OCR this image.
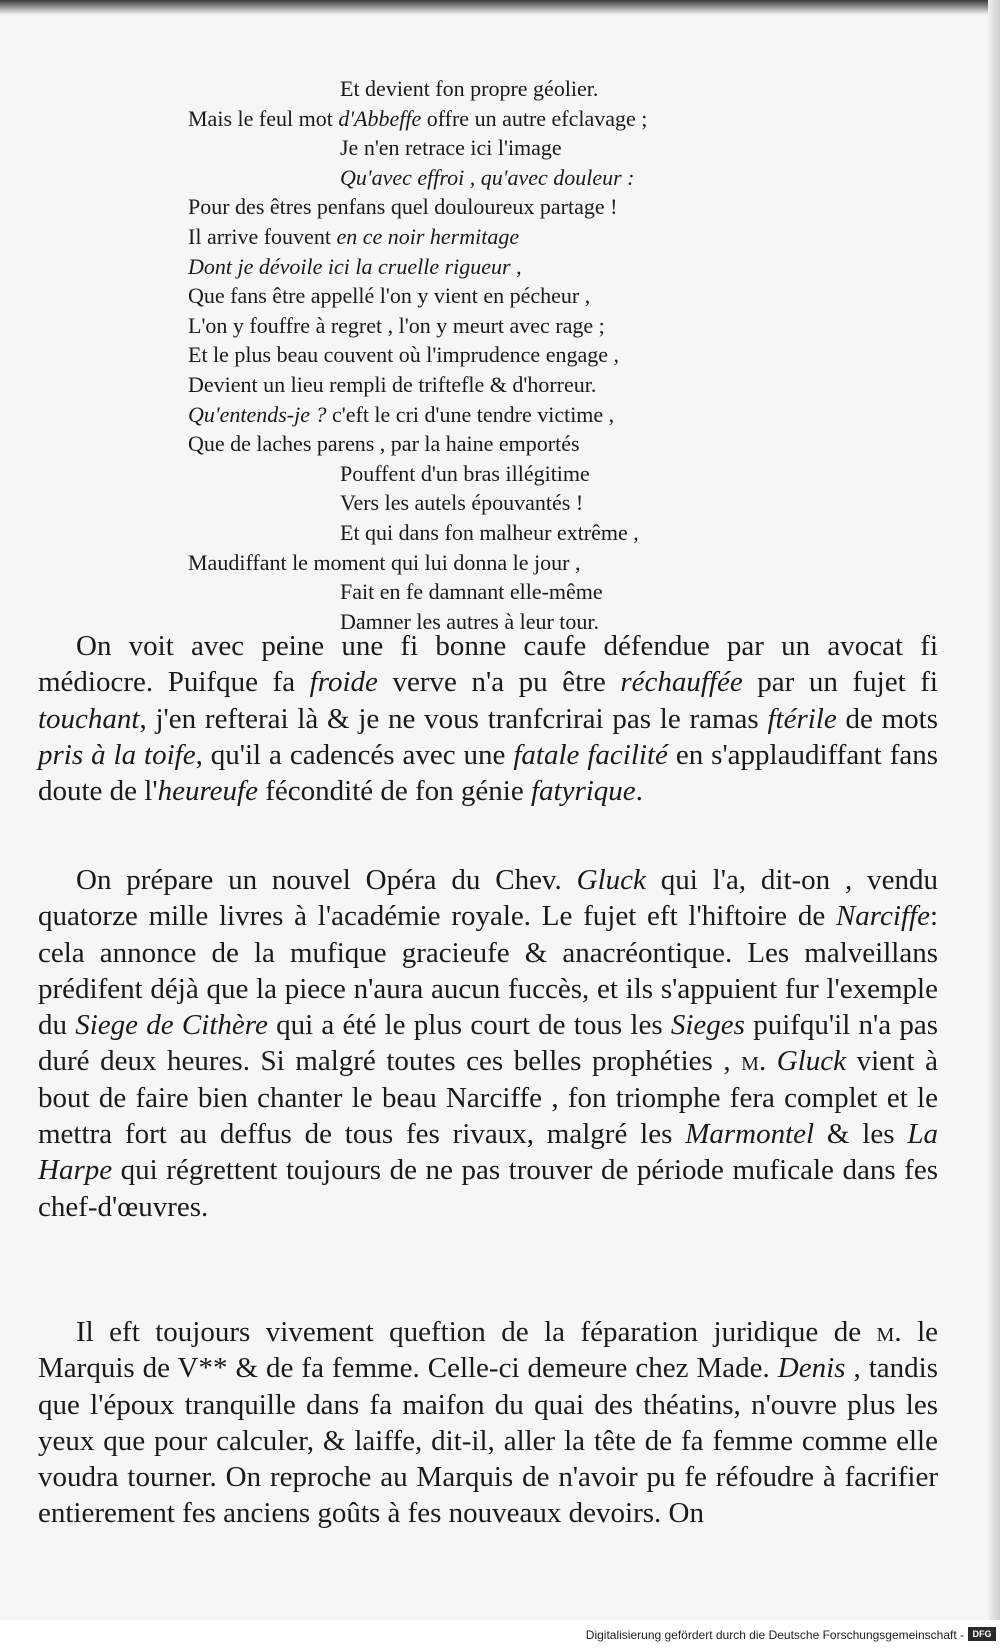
Et devient fon propre géolier.
Mais le feul mot d'Abbeffe offre un autre efclavage ;
Je n'en retrace ici l'image
Qu'avec effroi , qu'avec douleur :
Pour des êtres penfans quel douloureux partage !
Il arrive fouvent en ce noir hermitage
Dont je dévoile ici la cruelle rigueur ,
Que fans être appellé l'on y vient en pécheur ,
L'on y fouffre à regret , l'on y meurt avec rage ;
Et le plus beau couvent où l'imprudence engage ,
Devient un lieu rempli de triftefle & d'horreur.
Qu'entends-je ? c'eft le cri d'une tendre victime ,
Que de laches parens , par la haine emportés
Pouffent d'un bras illégitime
Vers les autels épouvantés !
Et qui dans fon malheur extrême ,
Maudiffant le moment qui lui donna le jour ,
Fait en fe damnant elle-même
Damner les autres à leur tour.

On voit avec peine une fi bonne caufe défendue par un avocat fi médiocre. Puifque fa froide verve n'a pu être réchauffée par un fujet fi touchant, j'en refterai là & je ne vous tranfcrirai pas le ramas ftérile de mots pris à la toife, qu'il a cadencés avec une fatale facilité en s'applaudiffant fans doute de l'heureufe fécondité de fon génie fatyrique.

On prépare un nouvel Opéra du Chev. Gluck qui l'a, dit-on , vendu quatorze mille livres à l'académie royale. Le fujet eft l'hiftoire de Narciffe: cela annonce de la mufique gracieufe & anacréontique. Les malveillans prédifent déjà que la piece n'aura aucun fuccès, et ils s'appuient fur l'exemple du Siege de Cithère qui a été le plus court de tous les Sieges puifqu'il n'a pas duré deux heures. Si malgré toutes ces belles prophéties , m. Gluck vient à bout de faire bien chanter le beau Narciffe , fon triomphe fera complet et le mettra fort au deffus de tous fes rivaux, malgré les Marmontel & les La Harpe qui régrettent toujours de ne pas trouver de période muficale dans fes chef-d'œuvres.

Il eft toujours vivement queftion de la féparation juridique de m. le Marquis de V** & de fa femme. Celle-ci demeure chez Made. Denis , tandis que l'époux tranquille dans fa maifon du quai des théatins, n'ouvre plus les yeux que pour calculer, & laiffe, dit-il, aller la tête de fa femme comme elle voudra tourner. On reproche au Marquis de n'avoir pu fe réfoudre à facrifier entierement fes anciens goûts à fes nouveaux devoirs. On

Digitalisierung gefördert durch die Deutsche Forschungsgemeinschaft - DFG
